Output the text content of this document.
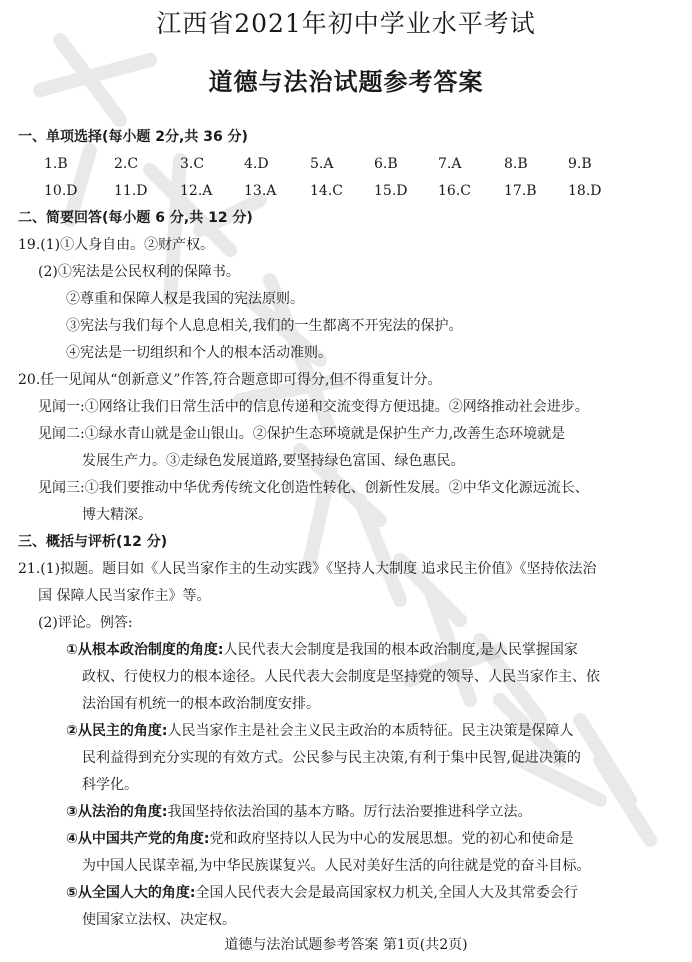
江西省2021年初中学业水平考试
道德与法治试题参考答案
一、单项选择(每小题 2分,共 36 分)
1.B	2.C	3.C	4.D	5.A	6.B	7.A	8.B	9.B
10.D	11.D 12.A 13.A 14.C 15.D 16.C 17.B 18.D
二、简要回答(每小题 6 分,共 12 分)
19.(1)①人身自由。②财产权。
(2)①宪法是公民权利的保障书。
②尊重和保障人权是我国的宪法原则。
③宪法与我们每个人息息相关,我们的一生都离不开宪法的保护。
④宪法是一切组织和个人的根本活动准则。
20.任一见闻从“创新意义”作答,符合题意即可得分,但不得重复计分。
见闻一:①网络让我们日常生活中的信息传递和交流变得方便迅捷。②网络推动社会进步。
见闻二:①绿水青山就是金山银山。②保护生态环境就是保护生产力,改善生态环境就是
发展生产力。③走绿色发展道路,要坚持绿色富国、绿色惠民。
见闻三:①我们要推动中华优秀传统文化创造性转化、创新性发展。②中华文化源远流长、
博大精深。
三、概括与评析(12 分)
21.(1)拟题。题目如《人民当家作主的生动实践》《坚持人大制度 追求民主价值》《坚持依法治
国 保障人民当家作主》等。
(2)评论。例答:
①从根本政治制度的角度:人民代表大会制度是我国的根本政治制度,是人民掌握国家
政权、行使权力的根本途径。人民代表大会制度是坚持党的领导、人民当家作主、依
法治国有机统一的根本政治制度安排。
②从民主的角度:人民当家作主是社会主义民主政治的本质特征。民主决策是保障人
民利益得到充分实现的有效方式。公民参与民主决策,有利于集中民智,促进决策的
科学化。
③从法治的角度:我国坚持依法治国的基本方略。厉行法治要推进科学立法。
④从中国共产党的角度:党和政府坚持以人民为中心的发展思想。党的初心和使命是
为中国人民谋幸福,为中华民族谋复兴。人民对美好生活的向往就是党的奋斗目标。
⑤从全国人大的角度:全国人民代表大会是最高国家权力机关,全国人大及其常委会行
使国家立法权、决定权。
道德与法治试题参考答案 第1页(共2页)
